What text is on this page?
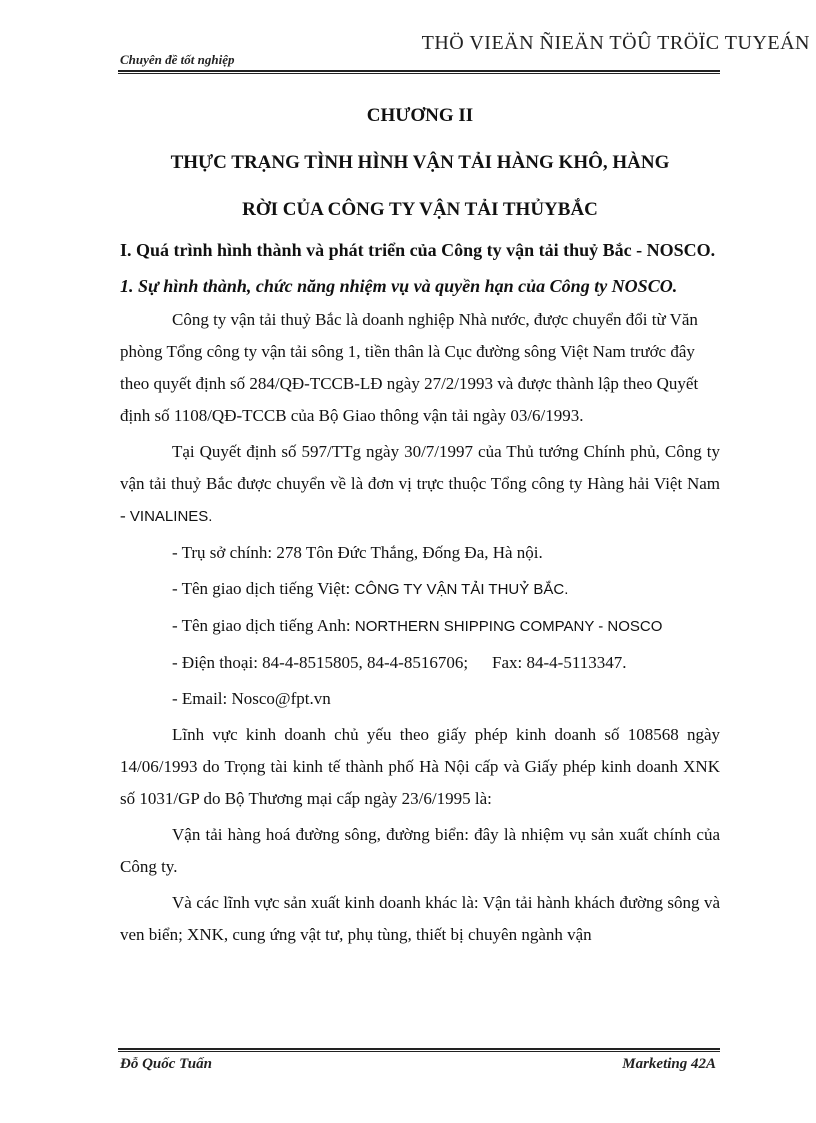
THÖ VIEÄN ÑIEÄN TÖÛ TRÖÏC TUYEÁN
Chuyên đề tốt nghiệp
CHƯƠNG II
THỰC TRẠNG TÌNH HÌNH VẬN TẢI HÀNG KHÔ, HÀNG
RỜI CỦA CÔNG TY VẬN TẢI THỦYBẮC
I. Quá trình hình thành và phát triển của Công ty vận tải thuỷ Bắc - NOSCO.
1. Sự hình thành, chức năng nhiệm vụ và quyền hạn của Công ty NOSCO.

Công ty vận tải thuỷ Bắc là doanh nghiệp Nhà nước, được chuyển đổi từ Văn phòng Tổng công ty vận tải sông 1, tiền thân là Cục đường sông Việt Nam trước đây theo quyết định số 284/QĐ-TCCB-LĐ ngày 27/2/1993 và được thành lập theo Quyết định số 1108/QĐ-TCCB của Bộ Giao thông vận tải ngày 03/6/1993.

Tại Quyết định số 597/TTg ngày 30/7/1997 của Thủ tướng Chính phủ, Công ty vận tải thuỷ Bắc được chuyển về là đơn vị trực thuộc Tổng công ty Hàng hải Việt Nam - VINALINES.

- Trụ sở chính: 278 Tôn Đức Thắng, Đống Đa, Hà nội.
- Tên giao dịch tiếng Việt: CÔNG TY VẬN TẢI THUỶ BẮC.
- Tên giao dịch tiếng Anh: NORTHERN SHIPPING COMPANY - NOSCO
- Điện thoại: 84-4-8515805, 84-4-8516706; Fax: 84-4-5113347.
- Email: Nosco@fpt.vn

Lĩnh vực kinh doanh chủ yếu theo giấy phép kinh doanh số 108568 ngày 14/06/1993 do Trọng tài kinh tế thành phố Hà Nội cấp và Giấy phép kinh doanh XNK số 1031/GP do Bộ Thương mại cấp ngày 23/6/1995 là:

Vận tải hàng hoá đường sông, đường biển: đây là nhiệm vụ sản xuất chính của Công ty.

Và các lĩnh vực sản xuất kinh doanh khác là: Vận tải hành khách đường sông và ven biển; XNK, cung ứng vật tư, phụ tùng, thiết bị chuyên ngành vận

Đỗ Quốc Tuấn	Marketing 42A
